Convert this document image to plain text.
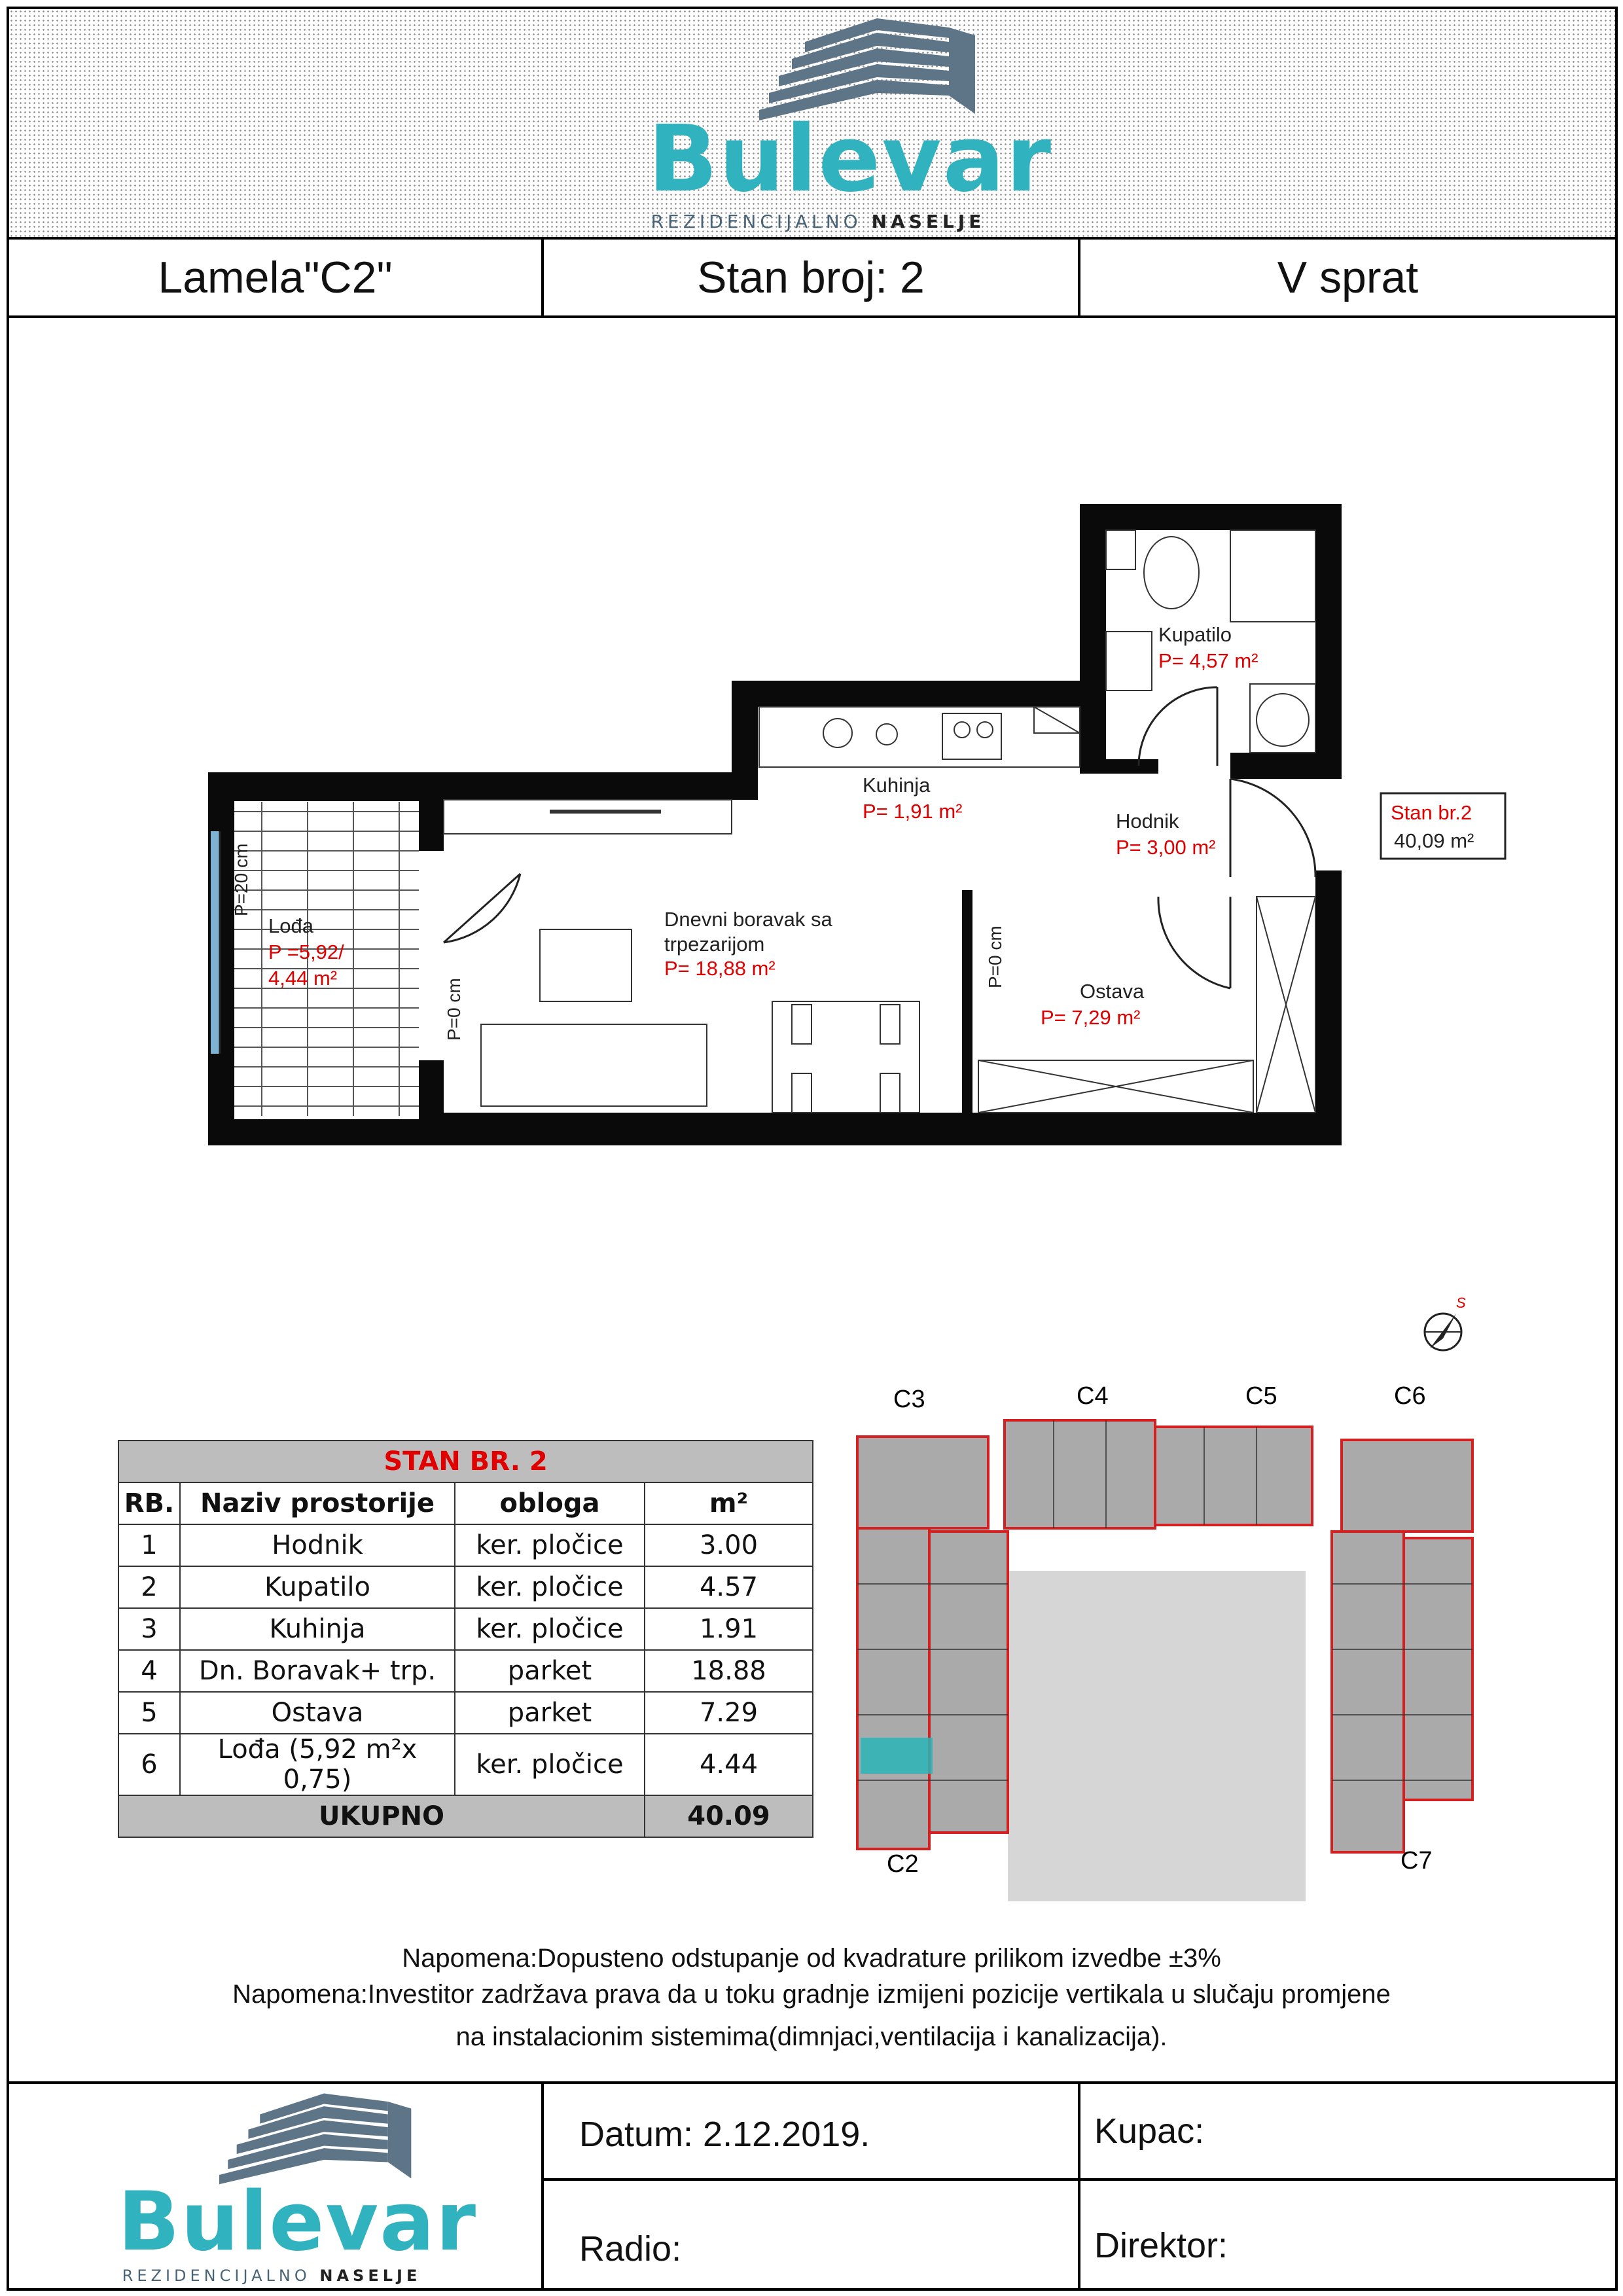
Bulevar
REZIDENCIJALNO NASELJE
Lamela"C2"	Stan broj: 2	V sprat
Kupatilo
P= 4,57 m²
Kuhinja
P= 1,91 m²	Hodnik
P= 3,00 m²
Dnevni boravak sa
trpezarijom
P= 18,88 m²
Ostava
P= 7,29 m²
Lođa
P =5,92/
4,44 m²
P=20 cm
P=0 cm
P=0 cm
Stan br.2
40,09 m²
S
C3	C4	C5	C6
C2	C7
STAN BR. 2			
RB.	Naziv prostorije	obloga	m²
1	Hodnik	ker. pločice	3.00
2	Kupatilo	ker. pločice	4.57
3	Kuhinja	ker. pločice	1.91
4	Dn. Boravak+ trp.	parket	18.88
5	Ostava	parket	7.29
6	Lođa (5,92 m²x 0,75)	ker. pločice	4.44
UKUPNO			40.09
Napomena:Dopusteno odstupanje od kvadrature prilikom izvedbe ±3%
Napomena:Investitor zadržava prava da u toku gradnje izmijeni pozicije vertikala u slučaju promjene
na instalacionim sistemima(dimnjaci,ventilacija i kanalizacija).
Bulevar
REZIDENCIJALNO NASELJE
Datum: 2.12.2019.	Kupac:
Radio:	Direktor:
